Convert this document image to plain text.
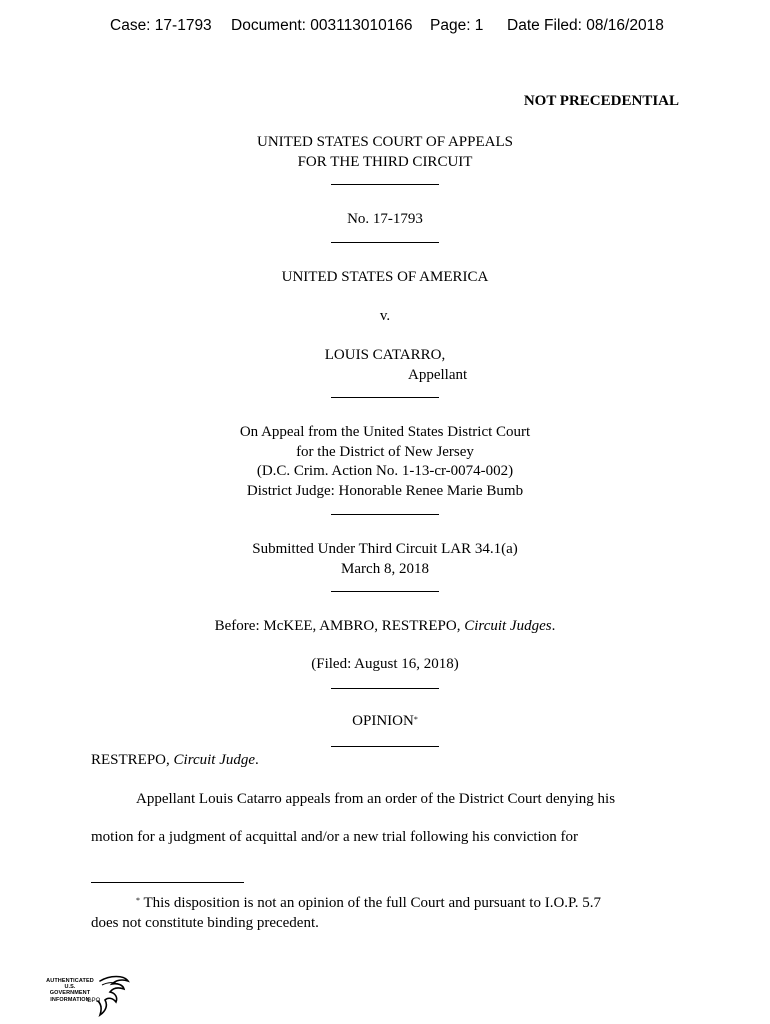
Case: 17-1793 Document: 003113010166 Page: 1 Date Filed: 08/16/2018
NOT PRECEDENTIAL
UNITED STATES COURT OF APPEALS
FOR THE THIRD CIRCUIT
No. 17-1793
UNITED STATES OF AMERICA
v.
LOUIS CATARRO,
Appellant
On Appeal from the United States District Court
for the District of New Jersey
(D.C. Crim. Action No. 1-13-cr-0074-002)
District Judge: Honorable Renee Marie Bumb
Submitted Under Third Circuit LAR 34.1(a)
March 8, 2018
Before: McKEE, AMBRO, RESTREPO, Circuit Judges.
(Filed: August 16, 2018)
OPINION*
RESTREPO, Circuit Judge.
Appellant Louis Catarro appeals from an order of the District Court denying his
motion for a judgment of acquittal and/or a new trial following his conviction for
* This disposition is not an opinion of the full Court and pursuant to I.O.P. 5.7
does not constitute binding precedent.
AUTHENTICATED
U.S. GOVERNMENT
INFORMATION
GPO
